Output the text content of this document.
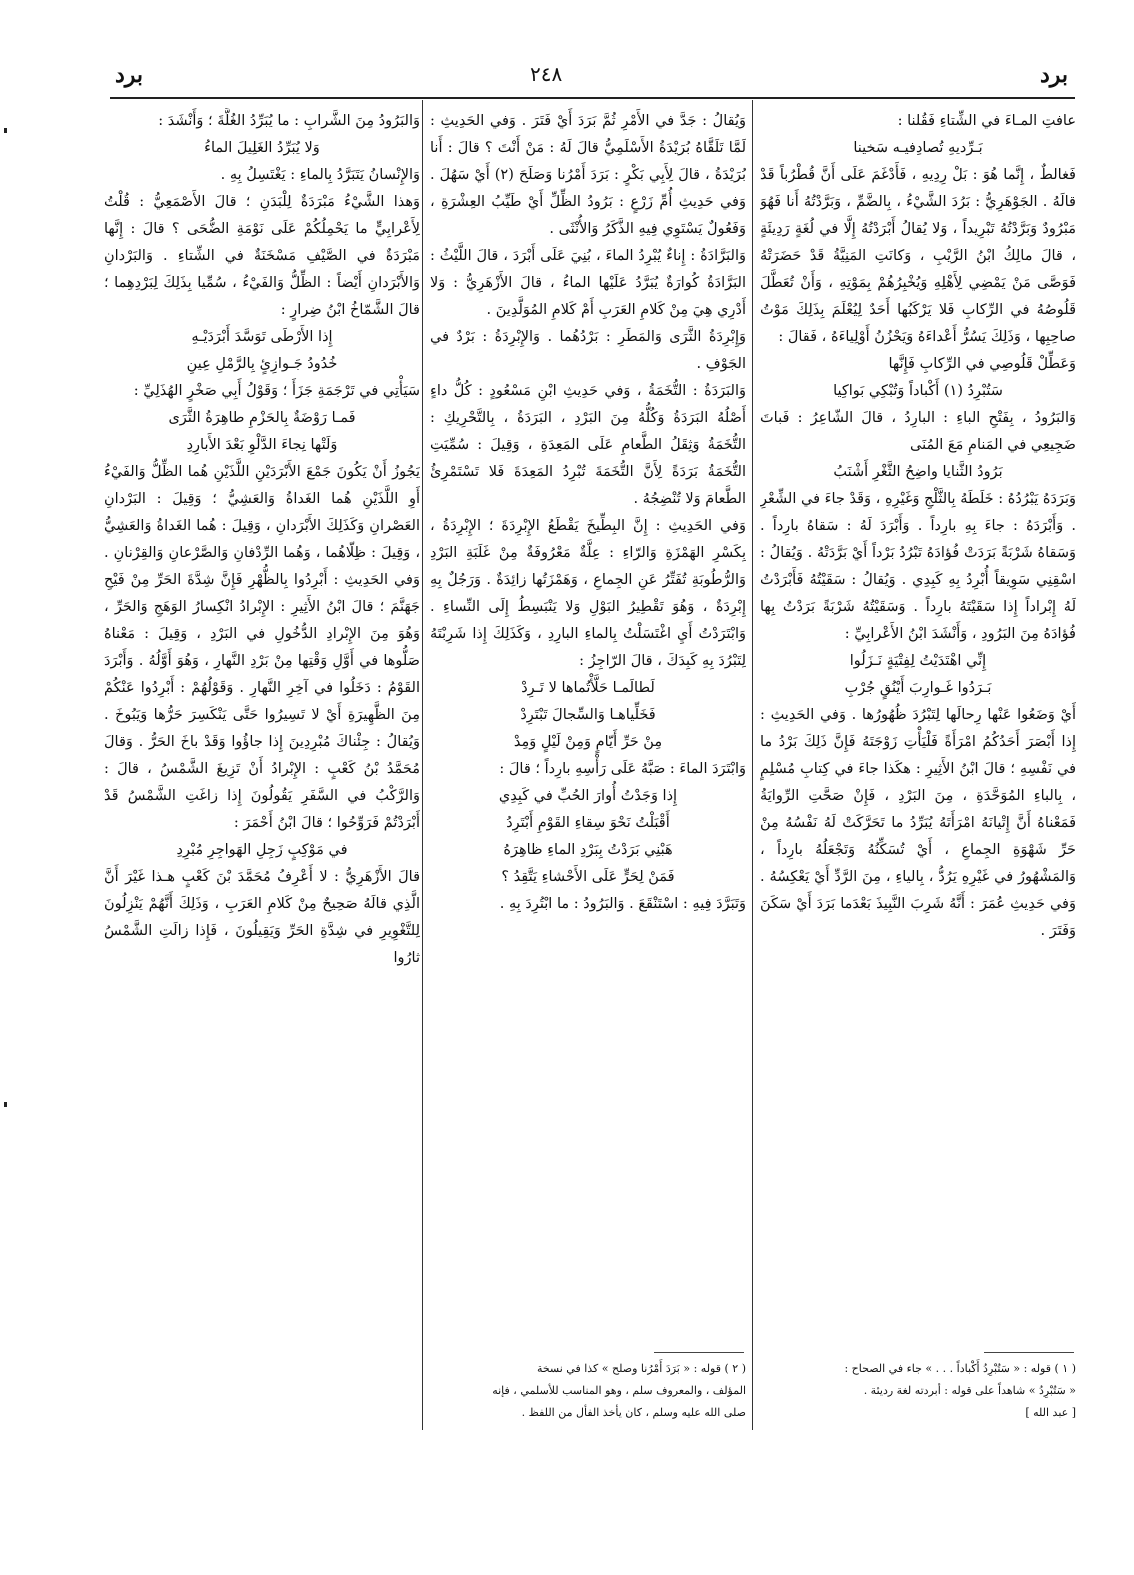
برد
٢٤٨
برد

عافتِ المـاءَ في الشِّتاءِ فَقُلنا :

بَـرِّديهِ تُصادِفيـه سَخينا

فَغالطٌ ، إِنَّما هُوَ : بَلْ رِدِيهِ ، فَأَدْغَمَ عَلَى أَنَّ قُطْرُباً قَدْ قالَهُ . الجَوْهَرِيُّ : بَرُدَ الشَّيْءُ ، بِالضَّمِّ ، وَبَرَّدْتُهُ أَنا فَهُوَ مَبْرُودٌ وَبَرَّدْتُهُ تَبْرِيداً ، وَلا يُقالُ أَبْرَدْتُهُ إِلَّا في لُغَةٍ رَدِيئَةٍ ، قالَ مالِكُ ابْنُ الرَّيْبِ ، وَكانَتِ المَنِيَّةُ قَدْ حَضَرَتْهُ فَوَصَّى مَنْ يَمْضِي لِأَهْلِهِ وَيُخْبِرُهُمْ بِمَوْتِهِ ، وَأَنْ تُعَطَّلَ قَلُوصُهُ في الرِّكابِ فَلا يَرْكَبُها أَحَدٌ لِيُعْلَمَ بِذَلِكَ مَوْتُ صاحِبِها ، وَذَلِكَ يَسُرُّ أَعْداءَهُ وَيَحْزُنُ أَوْلِياءَهُ ، فَقالَ :

وَعَطِّلْ قَلُوصِي في الرِّكابِ فَإِنَّها

سَتُبْرِدُ (١) أَكْباداً وَتُبْكِي بَواكِيا

وَالبَرُودُ ، بِفَتْحِ الباءِ : البارِدُ ، قالَ الشّاعِرُ : فَباتَ ضَجِيعِي في المَنامِ مَعَ المُنَى

بَرُودُ الثَّنايا واضِحُ الثَّغْرِ أَشْنَبُ

وَبَرَدَهُ يَبْرُدُهُ : خَلَطَهُ بِالثَّلْجِ وَغَيْرِهِ ، وَقَدْ جاءَ في الشِّعْرِ . وَأَبْرَدَهُ : جاءَ بِهِ بارِداً . وَأَبْرَدَ لَهُ : سَقاهُ بارِداً . وَسَقاهُ شَرْبَةً بَرَدَتْ فُؤادَهُ تَبْرُدُ بَرْداً أَيْ بَرَّدَتْهُ . وَيُقالُ : اسْقِنِي سَوِيقاً أُبْرِدُ بِهِ كَبِدِي . وَيُقالُ : سَقَيْتُهُ فَأَبْرَدْتُ لَهُ إِبْراداً إِذا سَقَيْتَهُ بارِداً . وَسَقَيْتُهُ شَرْبَةً بَرَدْتُ بِها فُؤادَهُ مِنَ البَرُودِ ، وَأَنْشَدَ ابْنُ الأَعْرابِيِّ :

إِنِّي اهْتَدَيْتُ لِفِتْيَةٍ نَـزَلُوا

بَـرَدُوا غَـوارِبَ أَيْنُقٍ جُرْبِ

أَيْ وَضَعُوا عَنْها رِحالَها لِتَبْرُدَ ظُهُورُها . وَفي الحَدِيثِ : إِذا أَبْصَرَ أَحَدُكُمُ امْرَأَةً فَلْيَأْتِ زَوْجَتَهُ فَإِنَّ ذَلِكَ بَرْدُ ما في نَفْسِهِ ؛ قالَ ابْنُ الأَثِيرِ : هكَذا جاءَ في كِتابِ مُسْلِمٍ ، بِالباءِ المُوَحَّدَةِ ، مِنَ البَرْدِ ، فَإِنْ صَحَّتِ الرِّوايَةُ فَمَعْناهُ أَنَّ إِتْيانَهُ امْرَأَتَهُ يُبَرِّدُ ما تَحَرَّكَتْ لَهُ نَفْسُهُ مِنْ حَرِّ شَهْوَةِ الجِماعِ ، أَيْ تُسَكِّنُهُ وَتَجْعَلُهُ بارِداً ، وَالمَشْهُورُ في غَيْرِهِ يَرُدُّ ، بِالياءِ ، مِنَ الرَّدِّ أَيْ يَعْكِسُهُ . وَفي حَدِيثِ عُمَرَ : أَنَّهُ شَرِبَ النَّبِيذَ بَعْدَما بَرَدَ أَيْ سَكَنَ وَفَتَرَ .

وَيُقالُ : جَدَّ في الأَمْرِ ثُمَّ بَرَدَ أَيْ فَتَرَ . وَفي الحَدِيثِ : لَمَّا تَلَقَّاهُ بُرَيْدَةُ الأَسْلَمِيُّ قالَ لَهُ : مَنْ أَنْتَ ؟ قالَ : أَنا بُرَيْدَةُ ، قالَ لِأَبِي بَكْرٍ : بَرَدَ أَمْرُنا وَصَلَحَ (٢) أَيْ سَهُلَ . وَفي حَدِيثِ أُمِّ زَرْعٍ : بَرُودُ الظِّلِّ أَيْ طَيِّبُ العِشْرَةِ ، وَفَعُولٌ يَسْتَوِي فِيهِ الذَّكَرُ وَالأُنْثَى .

وَالبَرَّادَةُ : إِناءٌ يُبْرِدُ الماءَ ، بُنِيَ عَلَى أَبْرَدَ ، قالَ اللَّيْثُ : البَرَّادَةُ كُوارَةٌ يُبَرَّدُ عَلَيْها الماءُ ، قالَ الأَزْهَرِيُّ : وَلا أَدْرِي هِيَ مِنْ كَلامِ العَرَبِ أَمْ كَلامِ المُوَلَّدِينَ .

وَإِبْرِدَةُ الثَّرَى وَالمَطَرِ : بَرْدُهُما . وَالإِبْرِدَةُ : بَرْدٌ في الجَوْفِ .

وَالبَرَدَةُ : التُّخَمَةُ ، وَفي حَدِيثِ ابْنِ مَسْعُودٍ : كُلُّ داءٍ أَصْلُهُ البَرَدَةُ وَكُلُّهُ مِنَ البَرْدِ ، البَرَدَةُ ، بِالتَّحْرِيكِ : التُّخَمَةُ وَثِقَلُ الطَّعامِ عَلَى المَعِدَةِ ، وَقِيلَ : سُمِّيَتِ التُّخَمَةُ بَرَدَةً لِأَنَّ التُّخَمَةَ تُبْرِدُ المَعِدَةَ فَلا تَسْتَمْرِئُ الطَّعامَ وَلا تُنْضِجُهُ .

وَفي الحَدِيثِ : إِنَّ البِطِّيخَ يَقْطَعُ الإِبْرِدَةَ ؛ الإِبْرِدَةُ ، بِكَسْرِ الهَمْزَةِ وَالرّاءِ : عِلَّةٌ مَعْرُوفَةٌ مِنْ غَلَبَةِ البَرْدِ وَالرُّطُوبَةِ تُفَتِّرُ عَنِ الجِماعِ ، وَهَمْزَتُها زائِدَةٌ . وَرَجُلٌ بِهِ إِبْرِدَةٌ ، وَهُوَ تَقْطِيرُ البَوْلِ وَلا يَنْبَسِطُ إِلَى النِّساءِ . وَابْتَرَدْتُ أَيِ اغْتَسَلْتُ بِالماءِ البارِدِ ، وَكَذَلِكَ إِذا شَرِبْتَهُ لِتَبْرُدَ بِهِ كَبِدَكَ ، قالَ الرّاجِزُ :

لَطالَمـا حَلَّأْتُماها لا تَـرِدْ

فَخَلِّياهـا وَالسِّجالَ تَبْتَرِدْ

مِنْ حَرِّ أَيّامٍ وَمِنْ لَيْلٍ وَمِدْ

وَابْتَرَدَ الماءَ : صَبَّهُ عَلَى رَأْسِهِ بارِداً ؛ قالَ :

إِذا وَجَدْتُ أُوارَ الحُبِّ في كَبِدِي

أَقْبَلْتُ نَحْوَ سِقاءِ القَوْمِ أَبْتَرِدُ

هَبْنِي بَرَدْتُ بِبَرْدِ الماءِ ظاهِرَهُ

فَمَنْ لِحَرٍّ عَلَى الأَحْشاءِ يَتَّقِدُ ؟

وَتَبَرَّدَ فِيهِ : اسْتَنْقَعَ . وَالبَرُودُ : ما ابْتُرِدَ بِهِ .

وَالبَرُودُ مِنَ الشَّرابِ : ما يُبَرِّدُ الغُلَّةَ ؛ وَأَنْشَدَ :

وَلا يُبَرِّدُ الغَلِيلَ الماءُ

وَالإِنْسانُ يَتَبَرَّدُ بِالماءِ : يَغْتَسِلُ بِهِ .

وَهذا الشَّيْءُ مَبْرَدَةٌ لِلْبَدَنِ ؛ قالَ الأَصْمَعِيُّ : قُلْتُ لِأَعْرابِيٍّ ما يَحْمِلُكُمْ عَلَى نَوْمَةِ الضُّحَى ؟ قالَ : إِنَّها مَبْرَدَةٌ في الصَّيْفِ مَسْخَنَةٌ في الشِّتاءِ . وَالبَرْدانِ وَالأَبْرَدانِ أَيْضاً : الظِّلُّ وَالفَيْءُ ، سُمِّيا بِذَلِكَ لِبَرْدِهِما ؛ قالَ الشَّمّاخُ ابْنُ ضِرارٍ :

إِذا الأَرْطَى تَوَسَّدَ أَبْرَدَيْـهِ

خُدُودُ جَـوازِئٍ بِالرَّمْلِ عِينِ

سَيَأْتِي في تَرْجَمَةِ جَزَأَ ؛ وَقَوْلُ أَبِي صَخْرٍ الهُذَلِيِّ :

فَمـا رَوْضَةٌ بِالحَزْمِ طاهِرَةُ الثَّرَى

وَلَتْها نِجاءَ الدَّلْوِ بَعْدَ الأَبارِدِ

يَجُوزُ أَنْ يَكُونَ جَمْعَ الأَبْرَدَيْنِ اللَّذَيْنِ هُما الظِّلُّ وَالفَيْءُ أَوِ اللَّذَيْنِ هُما الغَداةُ وَالعَشِيُّ ؛ وَقِيلَ : البَرْدانِ العَصْرانِ وَكَذَلِكَ الأَبْرَدانِ ، وَقِيلَ : هُما الغَداةُ وَالعَشِيُّ ، وَقِيلَ : ظِلّاهُما ، وَهُما الرِّدْفانِ وَالصَّرْعانِ وَالقِرْنانِ . وَفي الحَدِيثِ : أَبْرِدُوا بِالظُّهْرِ فَإِنَّ شِدَّةَ الحَرِّ مِنْ فَيْحِ جَهَنَّمَ ؛ قالَ ابْنُ الأَثِيرِ : الإِبْرادُ انْكِسارُ الوَهَجِ وَالحَرِّ ، وَهُوَ مِنَ الإِبْرادِ الدُّخُولِ في البَرْدِ ، وَقِيلَ : مَعْناهُ صَلُّوها في أَوَّلِ وَقْتِها مِنْ بَرْدِ النَّهارِ ، وَهُوَ أَوَّلُهُ . وَأَبْرَدَ القَوْمُ : دَخَلُوا في آخِرِ النَّهارِ . وَقَوْلُهُمْ : أَبْرِدُوا عَنْكُمْ مِنَ الظَّهِيرَةِ أَيْ لا تَسِيرُوا حَتَّى يَنْكَسِرَ حَرُّها وَيَبُوخَ . وَيُقالُ : جِئْناكَ مُبْرِدِينَ إِذا جاؤُوا وَقَدْ باخَ الحَرُّ . وَقالَ مُحَمَّدُ بْنُ كَعْبٍ : الإِبْرادُ أَنْ تَزِيغَ الشَّمْسُ ، قالَ : وَالرَّكْبُ في السَّفَرِ يَقُولُونَ إِذا زاغَتِ الشَّمْسُ قَدْ أَبْرَدْتُمْ فَرَوِّحُوا ؛ قالَ ابْنُ أَحْمَرَ :

في مَوْكِبٍ زَجِلِ الهَواجِرِ مُبْرِدِ

قالَ الأَزْهَرِيُّ : لا أَعْرِفُ مُحَمَّدَ بْنَ كَعْبٍ هـذا غَيْرَ أَنَّ الَّذِي قالَهُ صَحِيحٌ مِنْ كَلامِ العَرَبِ ، وَذَلِكَ أَنَّهُمْ يَنْزِلُونَ لِلتَّغْوِيرِ في شِدَّةِ الحَرِّ وَيَقِيلُونَ ، فَإِذا زالَتِ الشَّمْسُ ثارُوا

( ١ ) قوله : « سَتُبْرِدُ أَكْباداً . . . » جاء في الصحاح :

« سَتُبْرِدُ » شاهداً على قوله : أبردته لغة رديئة .

[ عبد الله ]

( ٢ ) قوله : « بَرَدَ أَمْرُنا وصلح » كذا في نسخة

المؤلف ، والمعروف سلم ، وهو المناسب للأسلمي ، فإنه

صلى الله عليه وسلم ، كان يأخذ الفأل من اللفظ .
